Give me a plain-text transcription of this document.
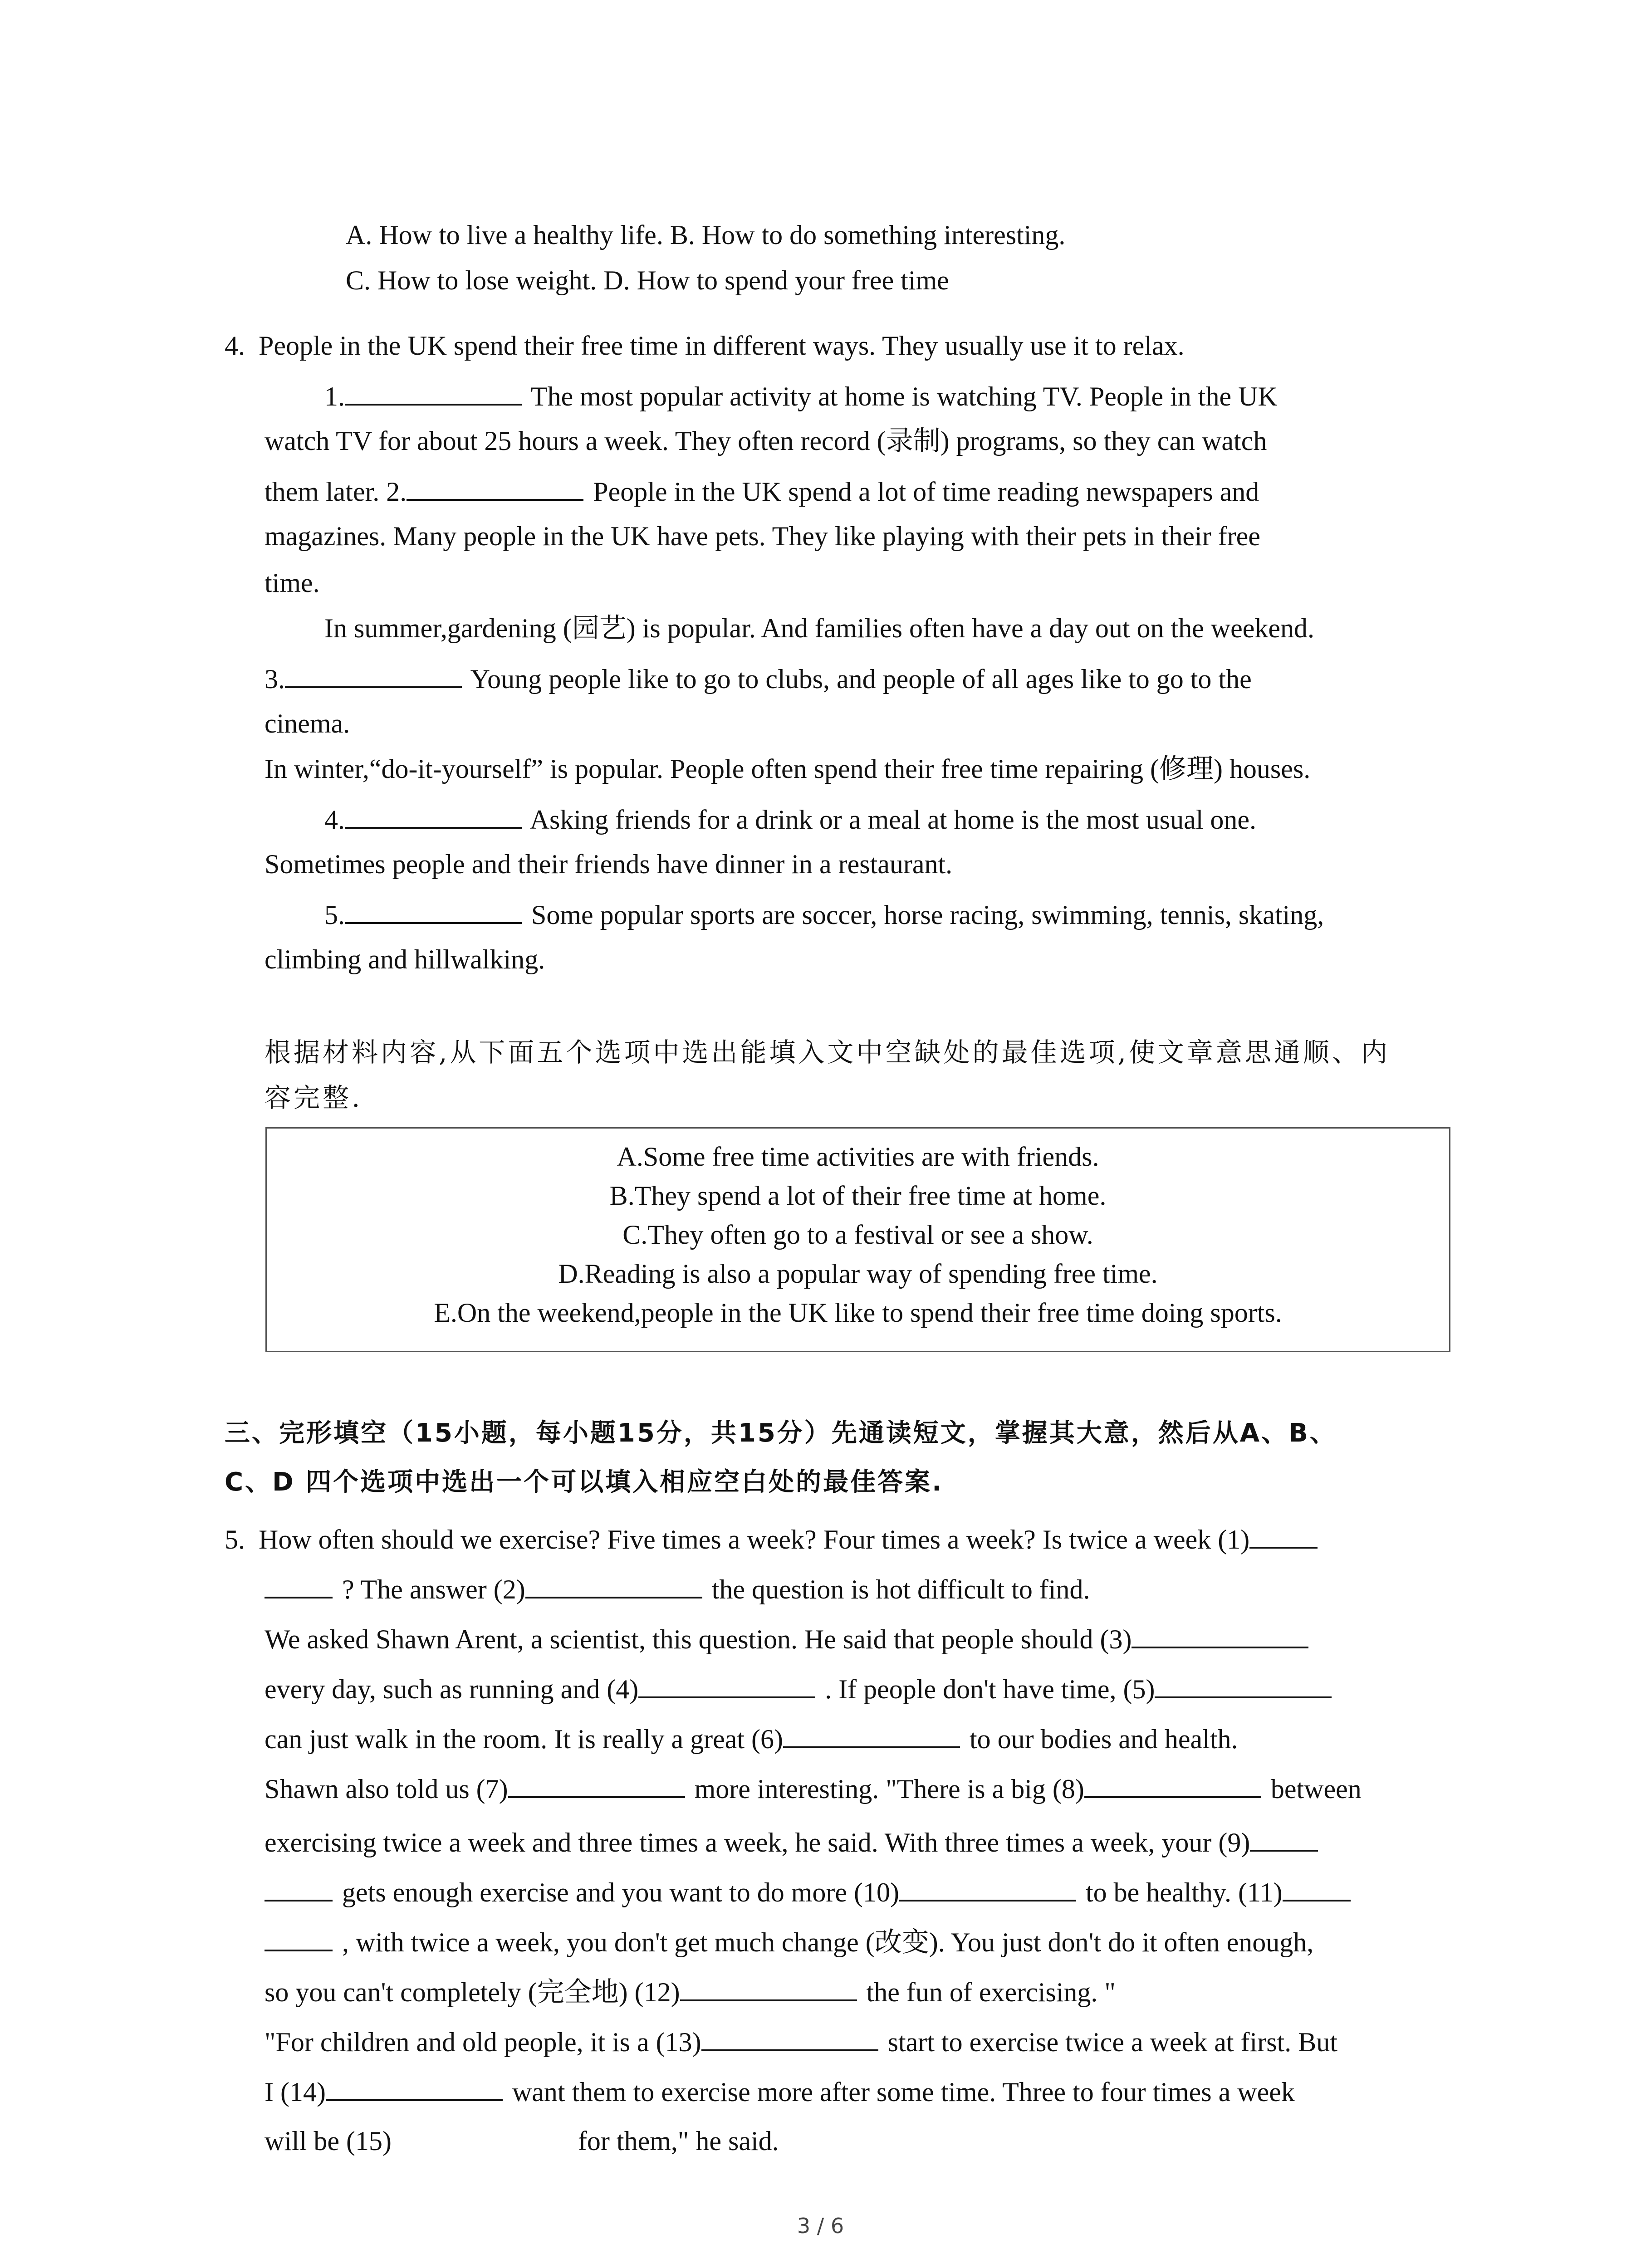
A. How to live a healthy life. B. How to do something interesting.
C. How to lose weight. D. How to spend your free time
4. People in the UK spend their free time in different ways. They usually use it to relax.
1.	The most popular activity at home is watching TV. People in the UK
watch TV for about 25 hours a week. They often record (录制) programs, so they can watch
them later. 2.	People in the UK spend a lot of time reading newspapers and
magazines. Many people in the UK have pets. They like playing with their pets in their free
time.
In summer,gardening (园艺) is popular. And families often have a day out on the weekend.
3.	Young people like to go to clubs, and people of all ages like to go to the
cinema.
In winter,“do-it-yourself” is popular. People often spend their free time repairing (修理) houses.
4.	Asking friends for a drink or a meal at home is the most usual one.
Sometimes people and their friends have dinner in a restaurant.
5.	Some popular sports are soccer, horse racing, swimming, tennis, skating,
climbing and hillwalking.
根据材料内容,从下面五个选项中选出能填入文中空缺处的最佳选项,使文章意思通顺、内
容完整.
A.Some free time activities are with friends.
B.They spend a lot of their free time at home.
C.They often go to a festival or see a show.
D.Reading is also a popular way of spending free time.
E.On the weekend,people in the UK like to spend their free time doing sports.
三、完形填空（15小题，每小题15分，共15分）先通读短文，掌握其大意，然后从A、B、
C、D 四个选项中选出一个可以填入相应空白处的最佳答案.
5. How often should we exercise? Five times a week? Four times a week? Is twice a week (1)
? The answer (2)	the question is hot difficult to find.
We asked Shawn Arent, a scientist, this question. He said that people should (3)
every day, such as running and (4)	. If people don't have time, (5)
can just walk in the room. It is really a great (6)	to our bodies and health.
Shawn also told us (7)	more interesting. "There is a big (8)	between
exercising twice a week and three times a week, he said. With three times a week, your (9)
gets enough exercise and you want to do more (10)	to be healthy. (11)
, with twice a week, you don't get much change (改变). You just don't do it often enough,
so you can't completely (完全地) (12)	the fun of exercising. "
"For children and old people, it is a (13)	start to exercise twice a week at first. But
I (14)	want them to exercise more after some time. Three to four times a week
will be (15)	for them," he said.
3 / 6
